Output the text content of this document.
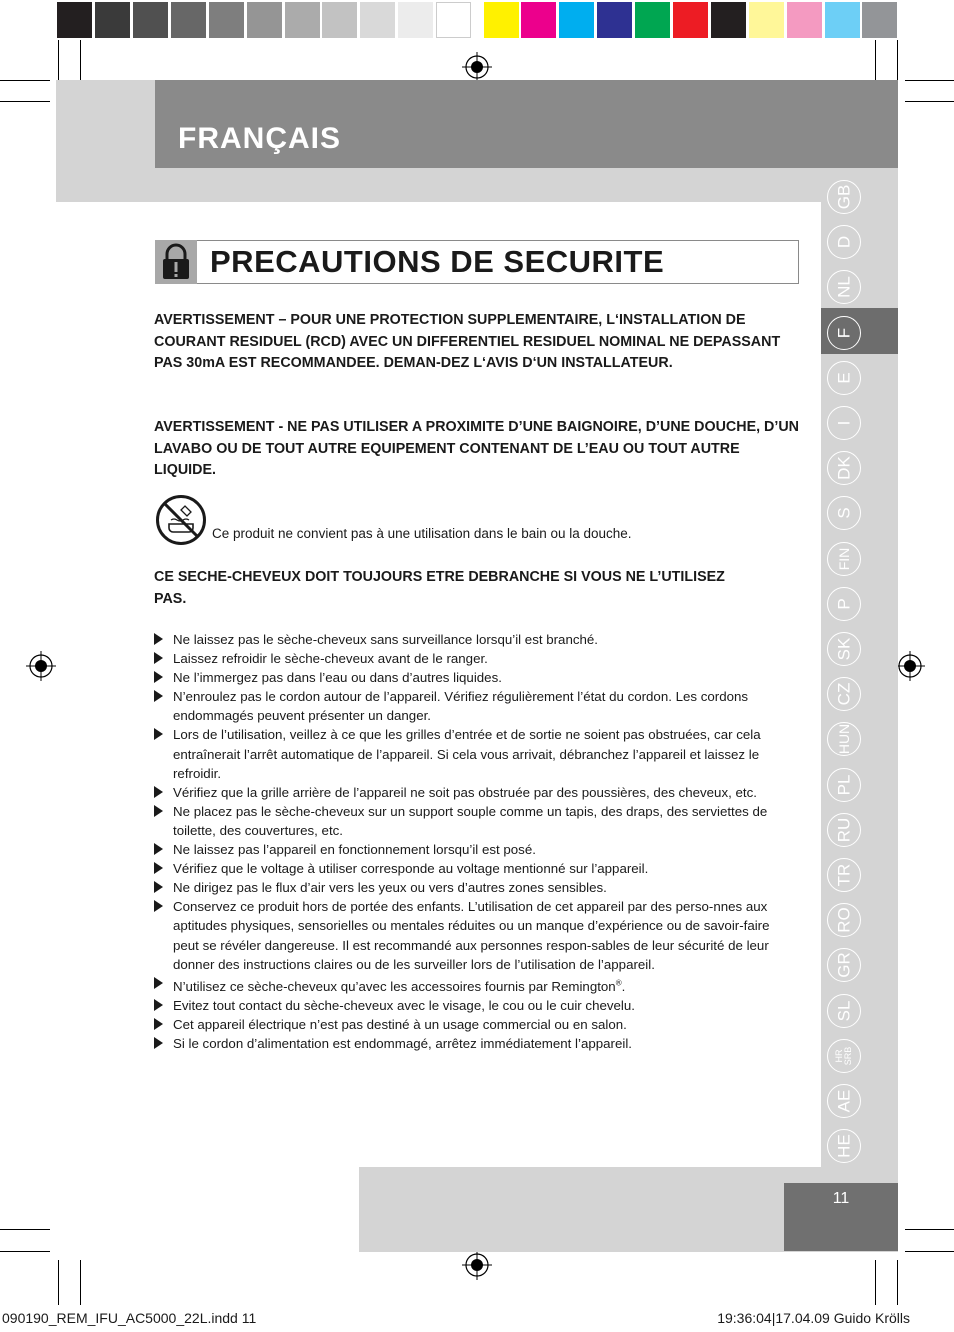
FRANÇAIS
PRECAUTIONS DE SECURITE
AVERTISSEMENT – POUR UNE PROTECTION SUPPLEMENTAIRE, L‘INSTALLATION DE COURANT RESIDUEL (RCD) AVEC UN DIFFERENTIEL RESIDUEL NOMINAL NE DEPASSANT PAS 30mA EST RECOMMANDEE. DEMAN-DEZ L‘AVIS D‘UN INSTALLATEUR.
AVERTISSEMENT - NE PAS UTILISER A PROXIMITE D’UNE BAIGNOIRE, D’UNE DOUCHE, D’UN LAVABO OU DE TOUT AUTRE EQUIPEMENT CONTENANT DE L’EAU OU TOUT AUTRE LIQUIDE.
Ce produit ne convient pas à une utilisation dans le bain ou la douche.
CE SECHE-CHEVEUX DOIT TOUJOURS ETRE DEBRANCHE SI VOUS NE L’UTILISEZ PAS.
Ne laissez pas le sèche-cheveux sans surveillance lorsqu’il est branché.
Laissez refroidir le sèche-cheveux avant de le ranger.
Ne l’immergez pas dans l’eau ou dans d’autres liquides.
N’enroulez pas le cordon autour de l’appareil. Vérifiez régulièrement l’état du cordon. Les cordons endommagés peuvent présenter un danger.
Lors de l’utilisation, veillez à ce que les grilles d’entrée et de sortie ne soient pas obstruées, car cela entraînerait l’arrêt automatique de l’appareil. Si cela vous arrivait, débranchez l’appareil et laissez le refroidir.
Vérifiez que la grille arrière de l’appareil ne soit pas obstruée par des poussières, des cheveux, etc.
Ne placez pas le sèche-cheveux sur un support souple comme un tapis, des draps, des serviettes de toilette, des couvertures, etc.
Ne laissez pas l’appareil en fonctionnement lorsqu’il est posé.
Vérifiez que le voltage à utiliser corresponde au voltage mentionné sur l’appareil.
Ne dirigez pas le flux d’air vers les yeux ou vers d’autres zones sensibles.
Conservez ce produit hors de portée des enfants. L’utilisation de cet appareil par des perso-nnes aux aptitudes physiques, sensorielles ou mentales réduites ou un manque d’expérience ou de savoir-faire peut se révéler dangereuse. Il est recommandé aux personnes respon-sables de leur sécurité de leur donner des instructions claires ou de les surveiller lors de l’utilisation de l’appareil.
N’utilisez ce sèche-cheveux qu’avec les accessoires fournis par Remington®.
Evitez tout contact du sèche-cheveux avec le visage, le cou ou le cuir chevelu.
Cet appareil électrique n’est pas destiné à un usage commercial ou en salon.
Si le cordon d’alimentation est endommagé, arrêtez immédiatement l’appareil.
GB
D
NL
F
E
I
DK
S
FIN
P
SK
CZ
HUN
PL
RU
TR
RO
GR
SL
HR
SRB
AE
HE
11
090190_REM_IFU_AC5000_22L.indd 11	19:36:04|17.04.09 Guido Krölls
